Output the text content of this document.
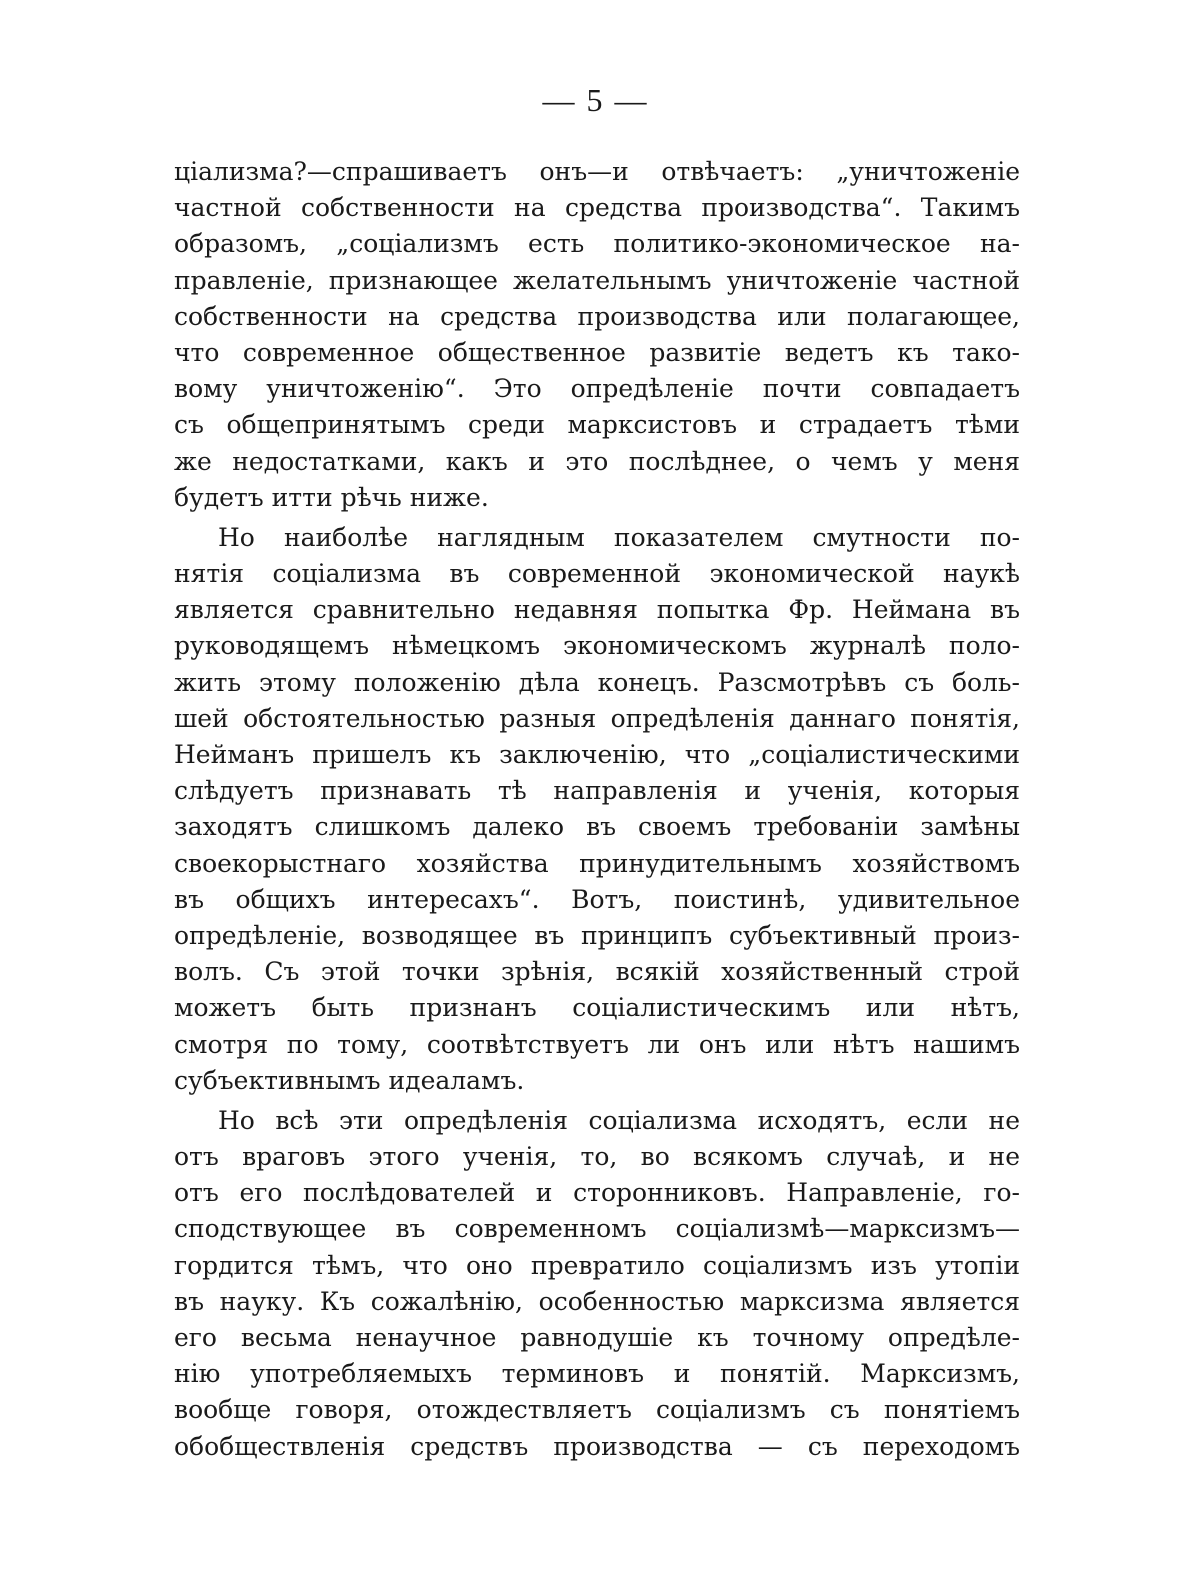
— 5 —
ціализма?—спрашиваетъ онъ—и отвѣчаетъ: „уничтоженіе
частной собственности на средства производства“. Такимъ
образомъ, „соціализмъ есть политико-экономическое на-
правленіе, признающее желательнымъ уничтоженіе частной
собственности на средства производства или полагающее,
что современное общественное развитіе ведетъ къ тако-
вому уничтоженію“. Это опредѣленіе почти совпадаетъ
съ общепринятымъ среди марксистовъ и страдаетъ тѣми
же недостатками, какъ и это послѣднее, о чемъ у меня
будетъ итти рѣчь ниже.
Но наиболѣе наглядным показателем смутности по-
нятія соціализма въ современной экономической наукѣ
является сравнительно недавняя попытка Фр. Неймана въ
руководящемъ нѣмецкомъ экономическомъ журналѣ поло-
жить этому положенію дѣла конецъ. Разсмотрѣвъ съ боль-
шей обстоятельностью разныя опредѣленія даннаго понятія,
Нейманъ пришелъ къ заключенію, что „соціалистическими
слѣдуетъ признавать тѣ направленія и ученія, которыя
заходятъ слишкомъ далеко въ своемъ требованіи замѣны
своекорыстнаго хозяйства принудительнымъ хозяйствомъ
въ общихъ интересахъ“. Вотъ, поистинѣ, удивительное
опредѣленіе, возводящее въ принципъ субъективный произ-
волъ. Съ этой точки зрѣнія, всякій хозяйственный строй
можетъ быть признанъ соціалистическимъ или нѣтъ,
смотря по тому, соотвѣтствуетъ ли онъ или нѣтъ нашимъ
субъективнымъ идеаламъ.
Но всѣ эти опредѣленія соціализма исходятъ, если не
отъ враговъ этого ученія, то, во всякомъ случаѣ, и не
отъ его послѣдователей и сторонниковъ. Направленіе, го-
сподствующее въ современномъ соціализмѣ—марксизмъ—
гордится тѣмъ, что оно превратило соціализмъ изъ утопіи
въ науку. Къ сожалѣнію, особенностью марксизма является
его весьма ненаучное равнодушіе къ точному опредѣле-
нію употребляемыхъ терминовъ и понятій. Марксизмъ,
вообще говоря, отождествляетъ соціализмъ съ понятіемъ
обобществленія средствъ производства — съ переходомъ
